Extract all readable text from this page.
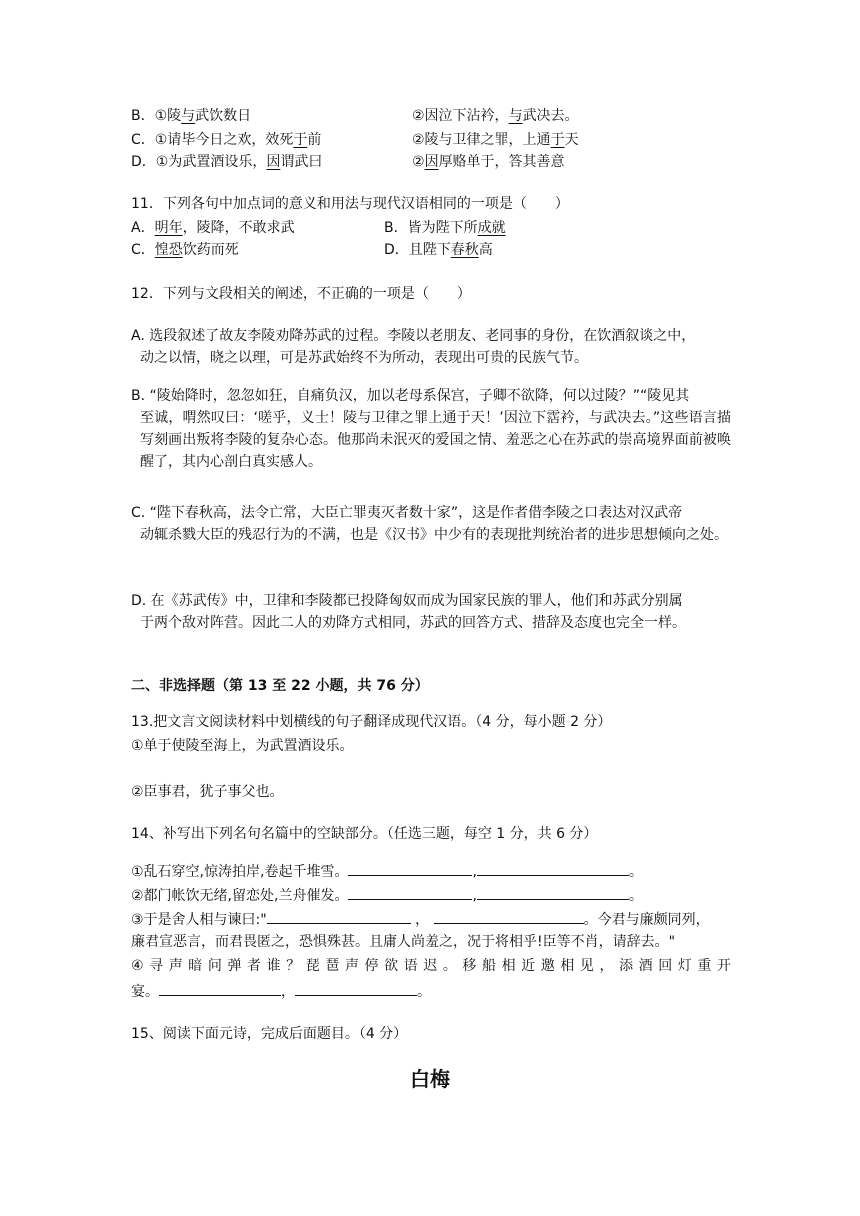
B．①陵与武饮数日	②因泣下沾衿，与武决去。
C．①请毕今日之欢，效死于前	②陵与卫律之罪，上通于天
D．①为武置酒设乐，因谓武曰	②因厚赂单于，答其善意
11．下列各句中加点词的意义和用法与现代汉语相同的一项是（　　）
A．明年，陵降，不敢求武	B．皆为陛下所成就
C．惶恐饮药而死	D．且陛下春秋高
12．下列与文段相关的阐述，不正确的一项是（　　）
A. 选段叙述了故友李陵劝降苏武的过程。李陵以老朋友、老同事的身份，在饮酒叙谈之中，
动之以情，晓之以理，可是苏武始终不为所动，表现出可贵的民族气节。
B. “陵始降时，忽忽如狂，自痛负汉，加以老母系保宫，子卿不欲降，何以过陵？”“陵见其
至诚，喟然叹曰：‘嗟乎，义士！陵与卫律之罪上通于天！’因泣下霑衿，与武决去。”这些语言描写刻画出叛将李陵的复杂心态。他那尚未泯灭的爱国之情、羞恶之心在苏武的崇高境界面前被唤醒了，其内心剖白真实感人。
C. “陛下春秋高，法令亡常，大臣亡罪夷灭者数十家”，这是作者借李陵之口表达对汉武帝
动辄杀戮大臣的残忍行为的不满，也是《汉书》中少有的表现批判统治者的进步思想倾向之处。
D. 在《苏武传》中，卫律和李陵都已投降匈奴而成为国家民族的罪人，他们和苏武分别属
于两个敌对阵营。因此二人的劝降方式相同，苏武的回答方式、措辞及态度也完全一样。
二、非选择题（第 13 至 22 小题，共 76 分）
13.把文言文阅读材料中划横线的句子翻译成现代汉语。（4 分，每小题 2 分）
①单于使陵至海上，为武置酒设乐。
②臣事君，犹子事父也。
14、补写出下列名句名篇中的空缺部分。（任选三题，每空 1 分，共 6 分）
①乱石穿空,惊涛拍岸,卷起千堆雪。	,	。
②都门帐饮无绪,留恋处,兰舟催发。	,	。
③于是舍人相与谏曰:"	，	。今君与廉颇同列，
廉君宣恶言，而君畏匿之，恐惧殊甚。且庸人尚羞之，况于将相乎!臣等不肖，请辞去。"
④寻声暗问弹者谁？琵琶声停欲语迟。移船相近邀相见，添酒回灯重开
宴。	，	。
15、阅读下面元诗，完成后面题目。（4 分）
白梅
